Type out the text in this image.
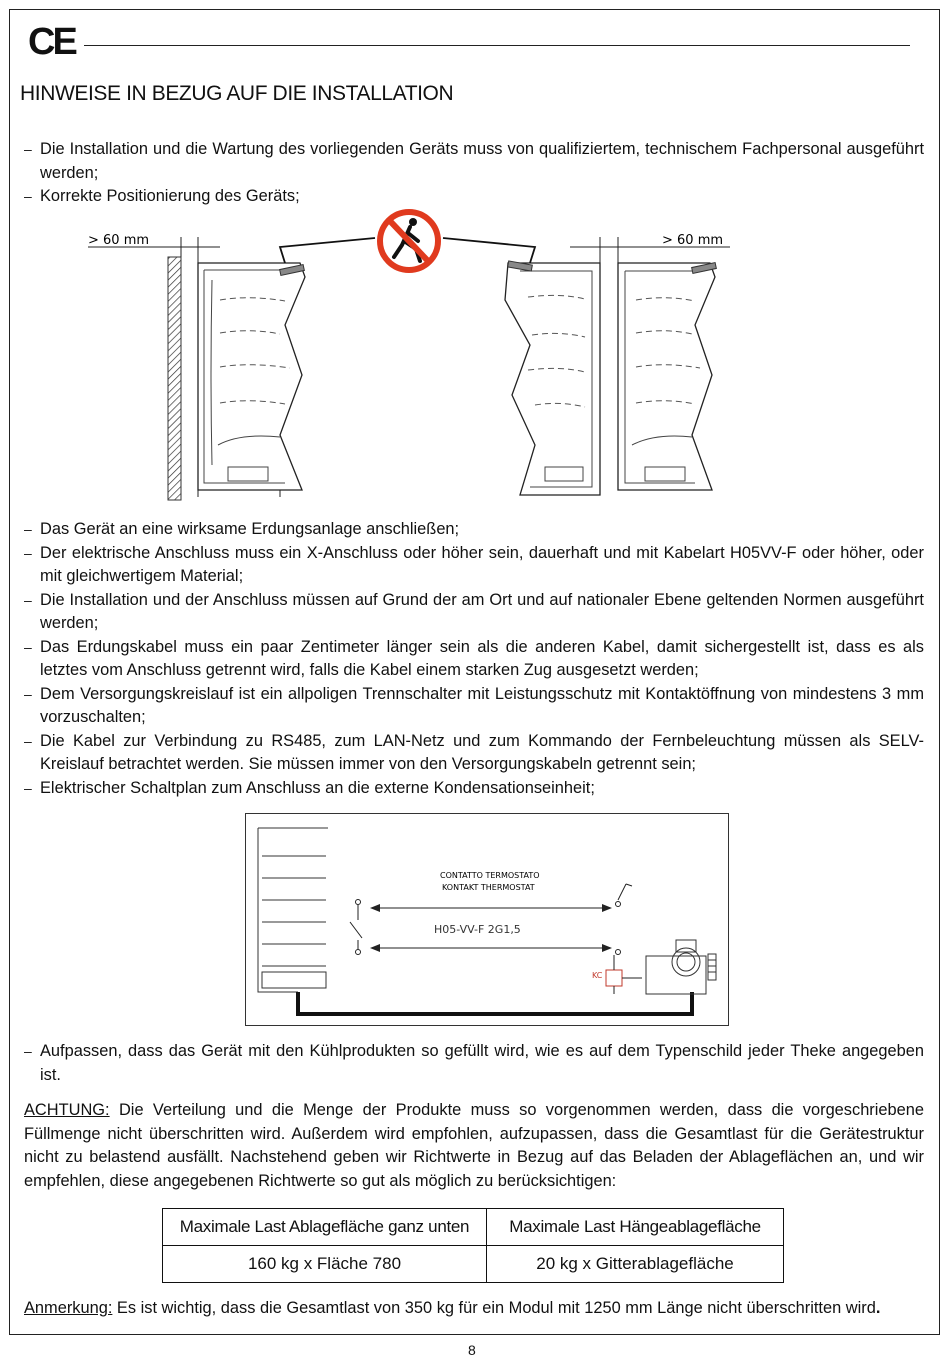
CE
HINWEISE IN BEZUG AUF DIE INSTALLATION
– Die Installation und die Wartung des vorliegenden Geräts muss von qualifiziertem, technischem Fachpersonal ausgeführt werden;
– Korrekte Positionierung des Geräts;
> 60 mm	> 60 mm
– Das Gerät an eine wirksame Erdungsanlage anschließen;
– Der elektrische Anschluss muss ein X-Anschluss oder höher sein, dauerhaft und mit Kabelart H05VV-F oder höher, oder mit gleichwertigem Material;
– Die Installation und der Anschluss müssen auf Grund der am Ort und auf nationaler Ebene geltenden Normen ausgeführt werden;
– Das Erdungskabel muss ein paar Zentimeter länger sein als die anderen Kabel, damit sichergestellt ist, dass es als letztes vom Anschluss getrennt wird, falls die Kabel einem starken Zug ausgesetzt werden;
– Dem Versorgungskreislauf ist ein allpoligen Trennschalter mit Leistungsschutz mit Kontaktöffnung von mindestens 3 mm vorzuschalten;
– Die Kabel zur Verbindung zu RS485, zum LAN-Netz und zum Kommando der Fernbeleuchtung müssen als SELV-Kreislauf betrachtet werden. Sie müssen immer von den Versorgungskabeln getrennt sein;
– Elektrischer Schaltplan zum Anschluss an die externe Kondensationseinheit;
CONTATTO TERMOSTATO
KONTAKT THERMOSTAT
H05-VV-F 2G1,5
KC
– Aufpassen, dass das Gerät mit den Kühlprodukten so gefüllt wird, wie es auf dem Typenschild jeder Theke angegeben ist.
ACHTUNG: Die Verteilung und die Menge der Produkte muss so vorgenommen werden, dass die vorgeschriebene Füllmenge nicht überschritten wird. Außerdem wird empfohlen, aufzupassen, dass die Gesamtlast für die Gerätestruktur nicht zu belastend ausfällt. Nachstehend geben wir Richtwerte in Bezug auf das Beladen der Ablageflächen an, und wir empfehlen, diese angegebenen Richtwerte so gut als möglich zu berücksichtigen:
Maximale Last Ablagefläche ganz unten	Maximale Last Hängeablagefläche
160 kg x Fläche 780	20 kg x Gitterablagefläche
Anmerkung: Es ist wichtig, dass die Gesamtlast von 350 kg für ein Modul mit 1250 mm Länge nicht überschritten wird.
8
